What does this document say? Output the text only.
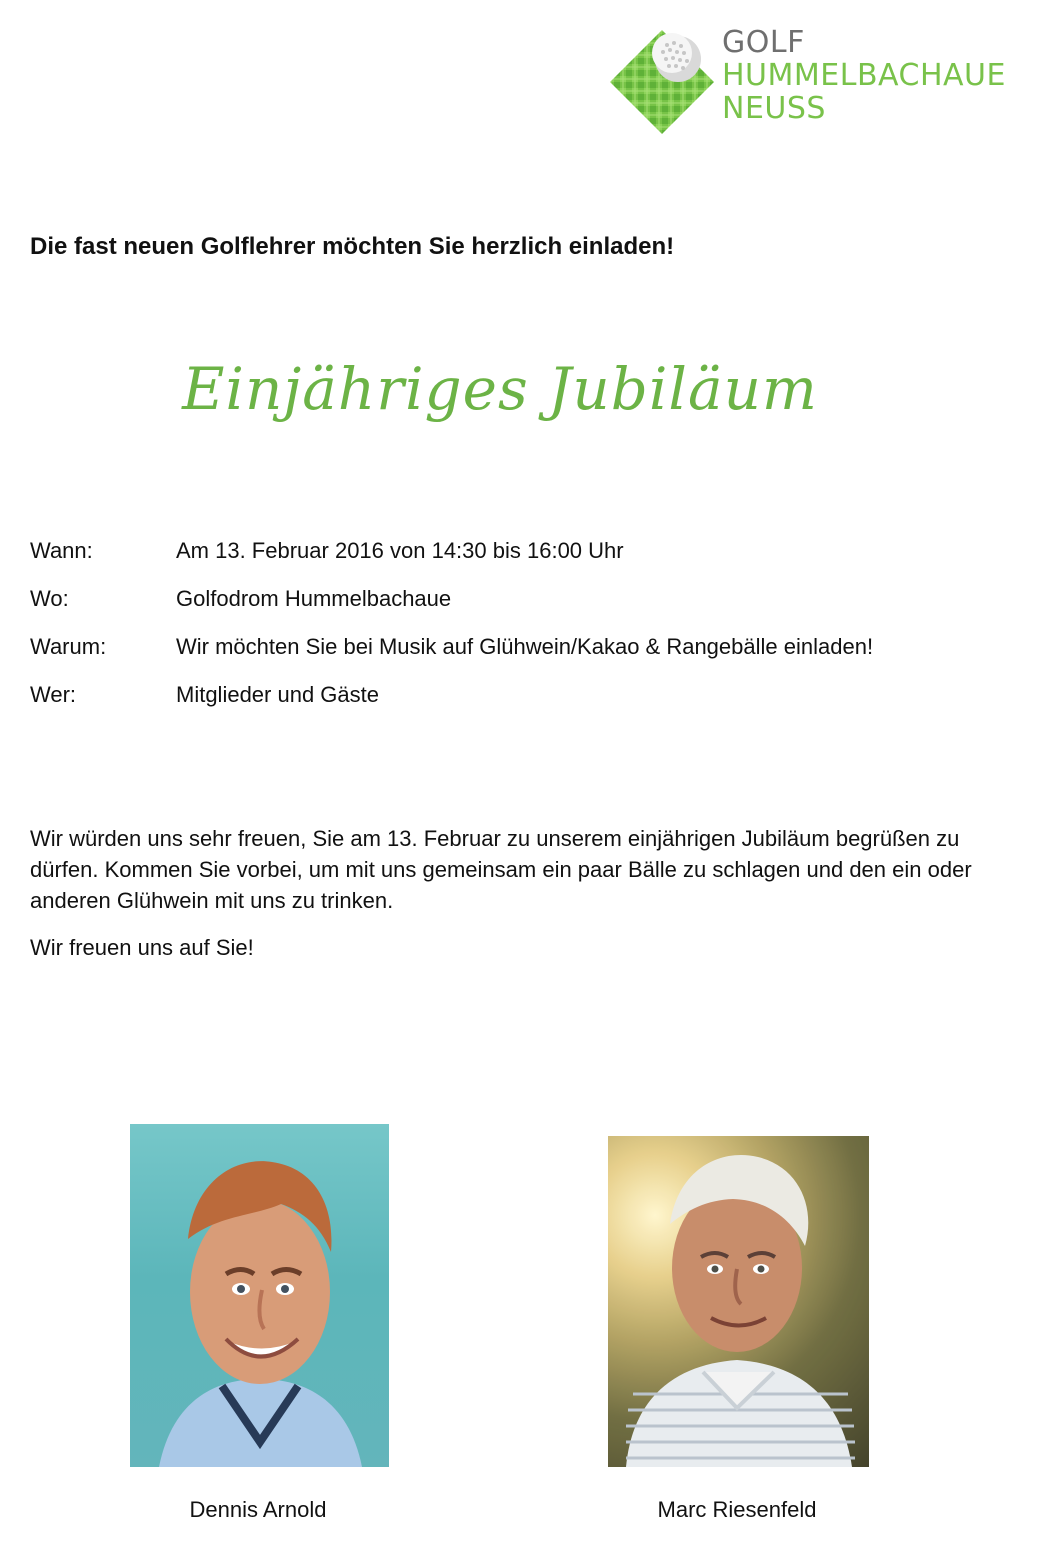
GOLF
HUMMELBACHAUE
NEUSS
Die fast neuen Golflehrer möchten Sie herzlich einladen!
Einjähriges Jubiläum
Wann:	Am 13. Februar 2016 von 14:30 bis 16:00 Uhr
Wo:	Golfodrom Hummelbachaue
Warum:	Wir möchten Sie bei Musik auf Glühwein/Kakao & Rangebälle einladen!
Wer:	Mitglieder und Gäste

Wir würden uns sehr freuen, Sie am 13. Februar zu unserem einjährigen Jubiläum begrüßen zu dürfen. Kommen Sie vorbei, um mit uns gemeinsam ein paar Bälle zu schlagen und den ein oder anderen Glühwein mit uns zu trinken.

Wir freuen uns auf Sie!

Dennis Arnold	Marc Riesenfeld
